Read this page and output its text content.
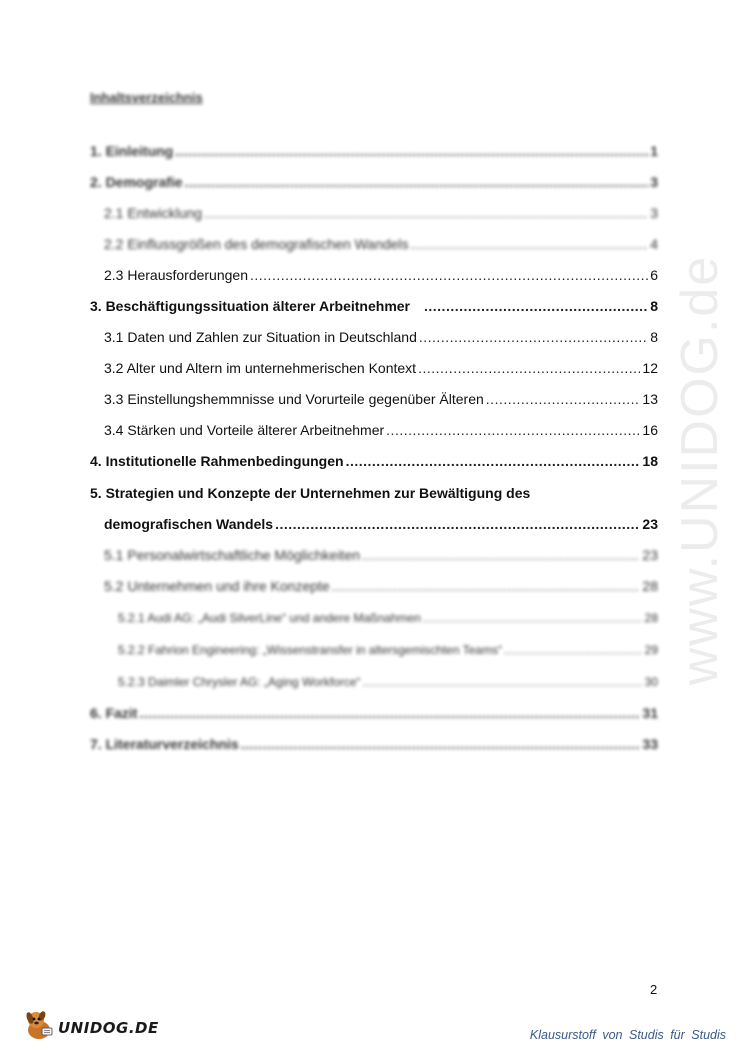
www.UNIDOG.de
Inhaltsverzeichnis
1. Einleitung .....	1
2. Demografie .....	3
2.1 Entwicklung .....	3
2.2 Einflussgrößen des demografischen Wandels .....	4
2.3 Herausforderungen .....	6
3. Beschäftigungssituation älterer Arbeitnehmer .....	8
3.1 Daten und Zahlen zur Situation in Deutschland .....	8
3.2 Alter und Altern im unternehmerischen Kontext .....	12
3.3 Einstellungshemmnisse und Vorurteile gegenüber Älteren .....	13
3.4 Stärken und Vorteile älterer Arbeitnehmer .....	16
4. Institutionelle Rahmenbedingungen .....	18
5. Strategien und Konzepte der Unternehmen zur Bewältigung des
demografischen Wandels .....	23
5.1 Personalwirtschaftliche Möglichkeiten .....	23
5.2 Unternehmen und ihre Konzepte .....	28
5.2.1 Audi AG: „Audi SilverLine“ und andere Maßnahmen .....	28
5.2.2 Fahrion Engineering: „Wissenstransfer in altersgemischten Teams“ .....	29
5.2.3 Daimler Chrysler AG: „Aging Workforce“ .....	30
6. Fazit .....	31
7. Literaturverzeichnis .....	33
2
UNIDOG.DE	Klausurstoff von Studis für Studis
